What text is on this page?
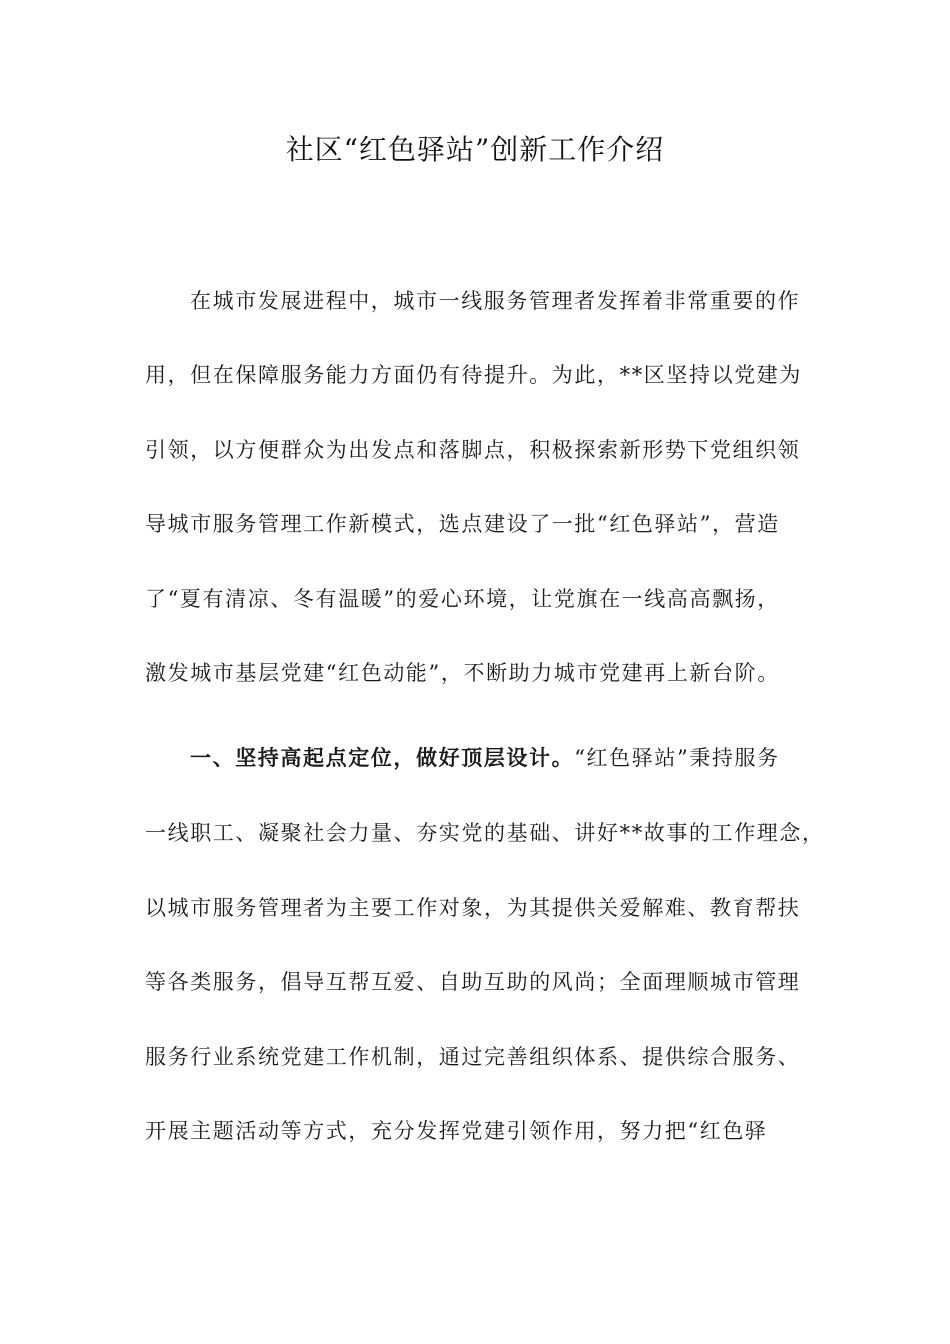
社区“红色驿站”创新工作介绍
在城市发展进程中，城市一线服务管理者发挥着非常重要的作
用，但在保障服务能力方面仍有待提升。为此，**区坚持以党建为
引领，以方便群众为出发点和落脚点，积极探索新形势下党组织领
导城市服务管理工作新模式，选点建设了一批“红色驿站”，营造
了“夏有清凉、冬有温暖”的爱心环境，让党旗在一线高高飘扬，
激发城市基层党建“红色动能”，不断助力城市党建再上新台阶。
一、坚持高起点定位，做好顶层设计。“红色驿站”秉持服务
一线职工、凝聚社会力量、夯实党的基础、讲好**故事的工作理念，
以城市服务管理者为主要工作对象，为其提供关爱解难、教育帮扶
等各类服务，倡导互帮互爱、自助互助的风尚；全面理顺城市管理
服务行业系统党建工作机制，通过完善组织体系、提供综合服务、
开展主题活动等方式，充分发挥党建引领作用，努力把“红色驿
